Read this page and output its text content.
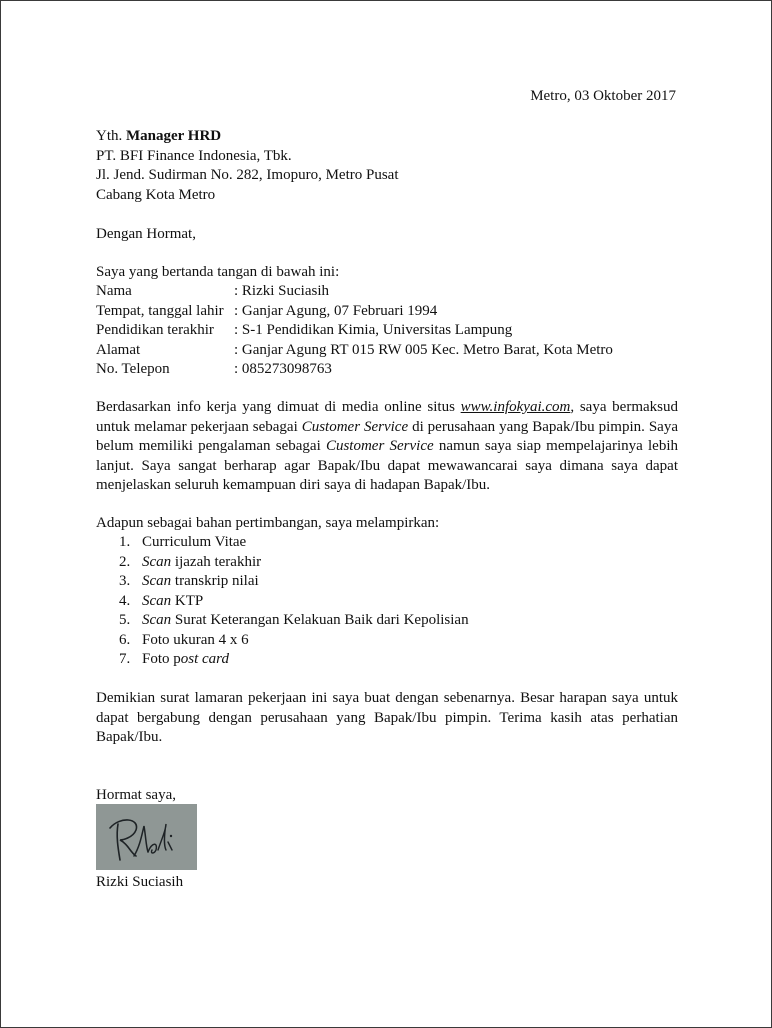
Metro, 03 Oktober 2017
Yth. Manager HRD
PT. BFI Finance Indonesia, Tbk.
Jl. Jend. Sudirman No. 282, Imopuro, Metro Pusat
Cabang Kota Metro
Dengan Hormat,
Saya yang bertanda tangan di bawah ini:
Nama	: Rizki Suciasih
Tempat, tanggal lahir : Ganjar Agung, 07 Februari 1994
Pendidikan terakhir	: S-1 Pendidikan Kimia, Universitas Lampung
Alamat	: Ganjar Agung RT 015 RW 005 Kec. Metro Barat, Kota Metro
No. Telepon	: 085273098763
Berdasarkan info kerja yang dimuat di media online situs www.infokyai.com, saya bermaksud untuk melamar pekerjaan sebagai Customer Service di perusahaan yang Bapak/Ibu pimpin. Saya belum memiliki pengalaman sebagai Customer Service namun saya siap mempelajarinya lebih lanjut. Saya sangat berharap agar Bapak/Ibu dapat mewawancarai saya dimana saya dapat menjelaskan seluruh kemampuan diri saya di hadapan Bapak/Ibu.
Adapun sebagai bahan pertimbangan, saya melampirkan:
1. Curriculum Vitae
2. Scan ijazah terakhir
3. Scan transkrip nilai
4. Scan KTP
5. Scan Surat Keterangan Kelakuan Baik dari Kepolisian
6. Foto ukuran 4 x 6
7. Foto post card
Demikian surat lamaran pekerjaan ini saya buat dengan sebenarnya. Besar harapan saya untuk dapat bergabung dengan perusahaan yang Bapak/Ibu pimpin. Terima kasih atas perhatian Bapak/Ibu.
Hormat saya,
Rizki Suciasih
